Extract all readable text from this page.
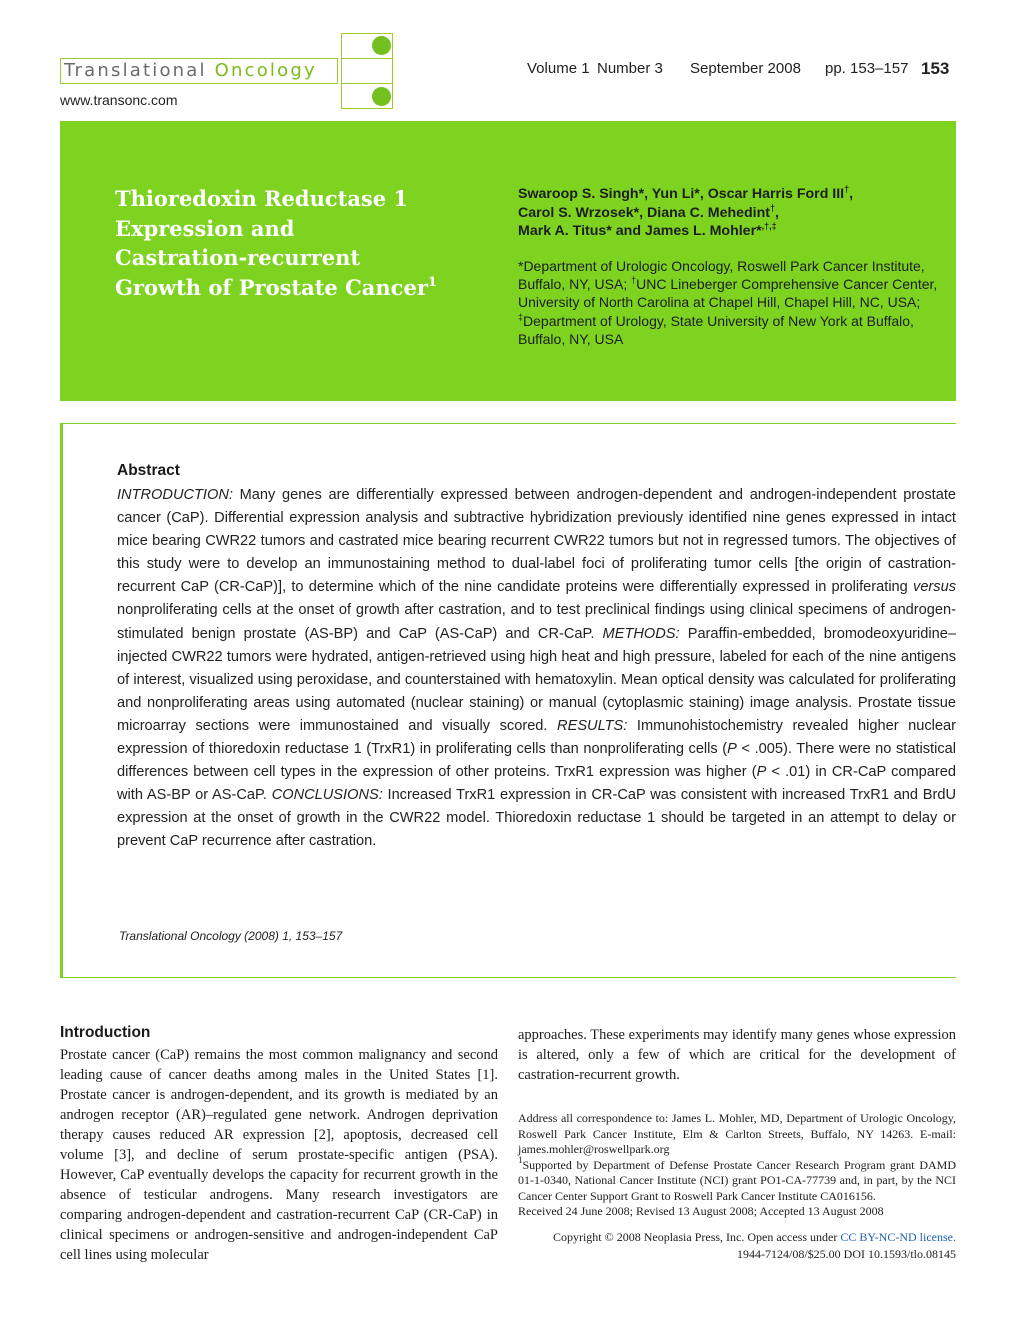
Translational Oncology
www.transonc.com
Volume 1 Number 3 September 2008 pp. 153–157 153
Thioredoxin Reductase 1
Expression and
Castration-recurrent
Growth of Prostate Cancer$^1$
Swaroop S. Singh*, Yun Li*, Oscar Harris Ford III†,
Carol S. Wrzosek*, Diana C. Mehedint†,
Mark A. Titus* and James L. Mohler*,†,‡

*Department of Urologic Oncology, Roswell Park Cancer Institute, Buffalo, NY, USA; †UNC Lineberger Comprehensive Cancer Center, University of North Carolina at Chapel Hill, Chapel Hill, NC, USA;

‡Department of Urology, State University of New York at Buffalo, Buffalo, NY, USA

Abstract
INTRODUCTION: Many genes are differentially expressed between androgen-dependent and androgen-independent prostate cancer (CaP). Differential expression analysis and subtractive hybridization previously identified nine genes expressed in intact mice bearing CWR22 tumors and castrated mice bearing recurrent CWR22 tumors but not in regressed tumors. The objectives of this study were to develop an immunostaining method to dual-label foci of proliferating tumor cells [the origin of castration-recurrent CaP (CR-CaP)], to determine which of the nine candidate proteins were differentially expressed in proliferating versus nonproliferating cells at the onset of growth after castration, and to test preclinical findings using clinical specimens of androgen-stimulated benign prostate (AS-BP) and CaP (AS-CaP) and CR-CaP. METHODS: Paraffin-embedded, bromodeoxyuridine–injected CWR22 tumors were hydrated, antigen-retrieved using high heat and high pressure, labeled for each of the nine antigens of interest, visualized using peroxidase, and counterstained with hematoxylin. Mean optical density was calculated for proliferating and nonproliferating areas using automated (nuclear staining) or manual (cytoplasmic staining) image analysis. Prostate tissue microarray sections were immunostained and visually scored. RESULTS: Immunohistochemistry revealed higher nuclear expression of thioredoxin reductase 1 (TrxR1) in proliferating cells than nonproliferating cells (P < .005). There were no statistical differences between cell types in the expression of other proteins. TrxR1 expression was higher (P < .01) in CR-CaP compared with AS-BP or AS-CaP. CONCLUSIONS: Increased TrxR1 expression in CR-CaP was consistent with increased TrxR1 and BrdU expression at the onset of growth in the CWR22 model. Thioredoxin reductase 1 should be targeted in an attempt to delay or prevent CaP recurrence after castration.
Translational Oncology (2008) 1, 153–157
Introduction
Prostate cancer (CaP) remains the most common malignancy and second leading cause of cancer deaths among males in the United States [1]. Prostate cancer is androgen-dependent, and its growth is mediated by an androgen receptor (AR)–regulated gene network. Androgen deprivation therapy causes reduced AR expression [2], apoptosis, decreased cell volume [3], and decline of serum prostate-specific antigen (PSA). However, CaP eventually develops the capacity for recurrent growth in the absence of testicular androgens. Many research investigators are comparing androgen-dependent and castration-recurrent CaP (CR-CaP) in clinical specimens or androgen-sensitive and androgen-independent CaP cell lines using molecular
approaches. These experiments may identify many genes whose expression is altered, only a few of which are critical for the development of castration-recurrent growth.

Address all correspondence to: James L. Mohler, MD, Department of Urologic Oncology, Roswell Park Cancer Institute, Elm & Carlton Streets, Buffalo, NY 14263. E-mail: james.mohler@roswellpark.org

$^1$Supported by Department of Defense Prostate Cancer Research Program grant DAMD 01-1-0340, National Cancer Institute (NCI) grant PO1-CA-77739 and, in part, by the NCI Cancer Center Support Grant to Roswell Park Cancer Institute CA016156.

Received 24 June 2008; Revised 13 August 2008; Accepted 13 August 2008

Copyright © 2008 Neoplasia Press, Inc. Open access under CC BY-NC-ND license.
1944-7124/08/$25.00 DOI 10.1593/tlo.08145
